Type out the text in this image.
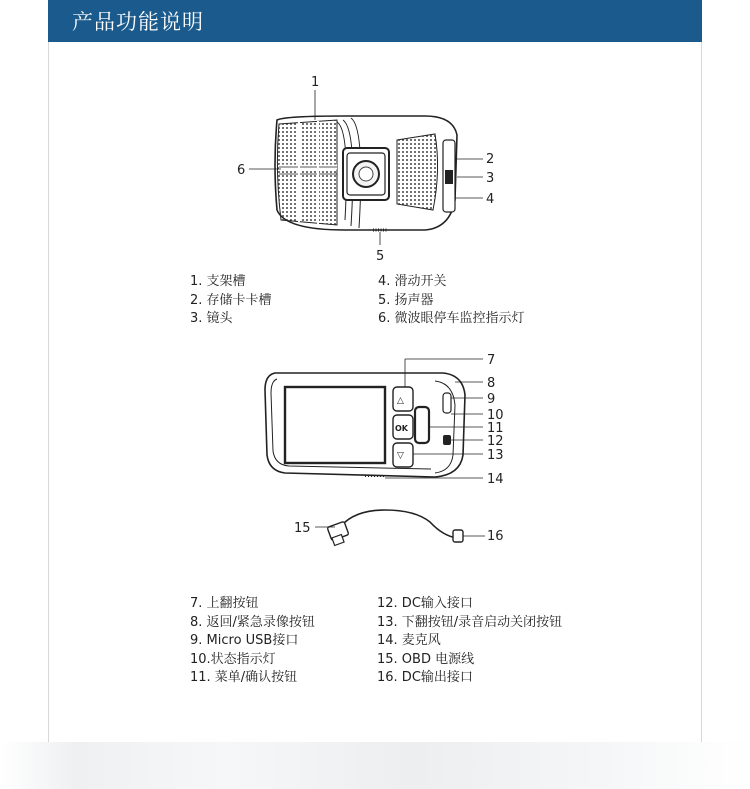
产品功能说明
1
2
3
4
5
6
1. 支架槽
2. 存储卡卡槽
3. 镜头
4. 滑动开关
5. 扬声器
6. 微波眼停车监控指示灯
△
OK
▽
7
8
9
10
11
12
13
14
15
16
7. 上翻按钮
8. 返回/紧急录像按钮
9. Micro USB接口
10.状态指示灯
11. 菜单/确认按钮
12. DC输入接口
13. 下翻按钮/录音启动关闭按钮
14. 麦克风
15. OBD 电源线
16. DC输出接口
